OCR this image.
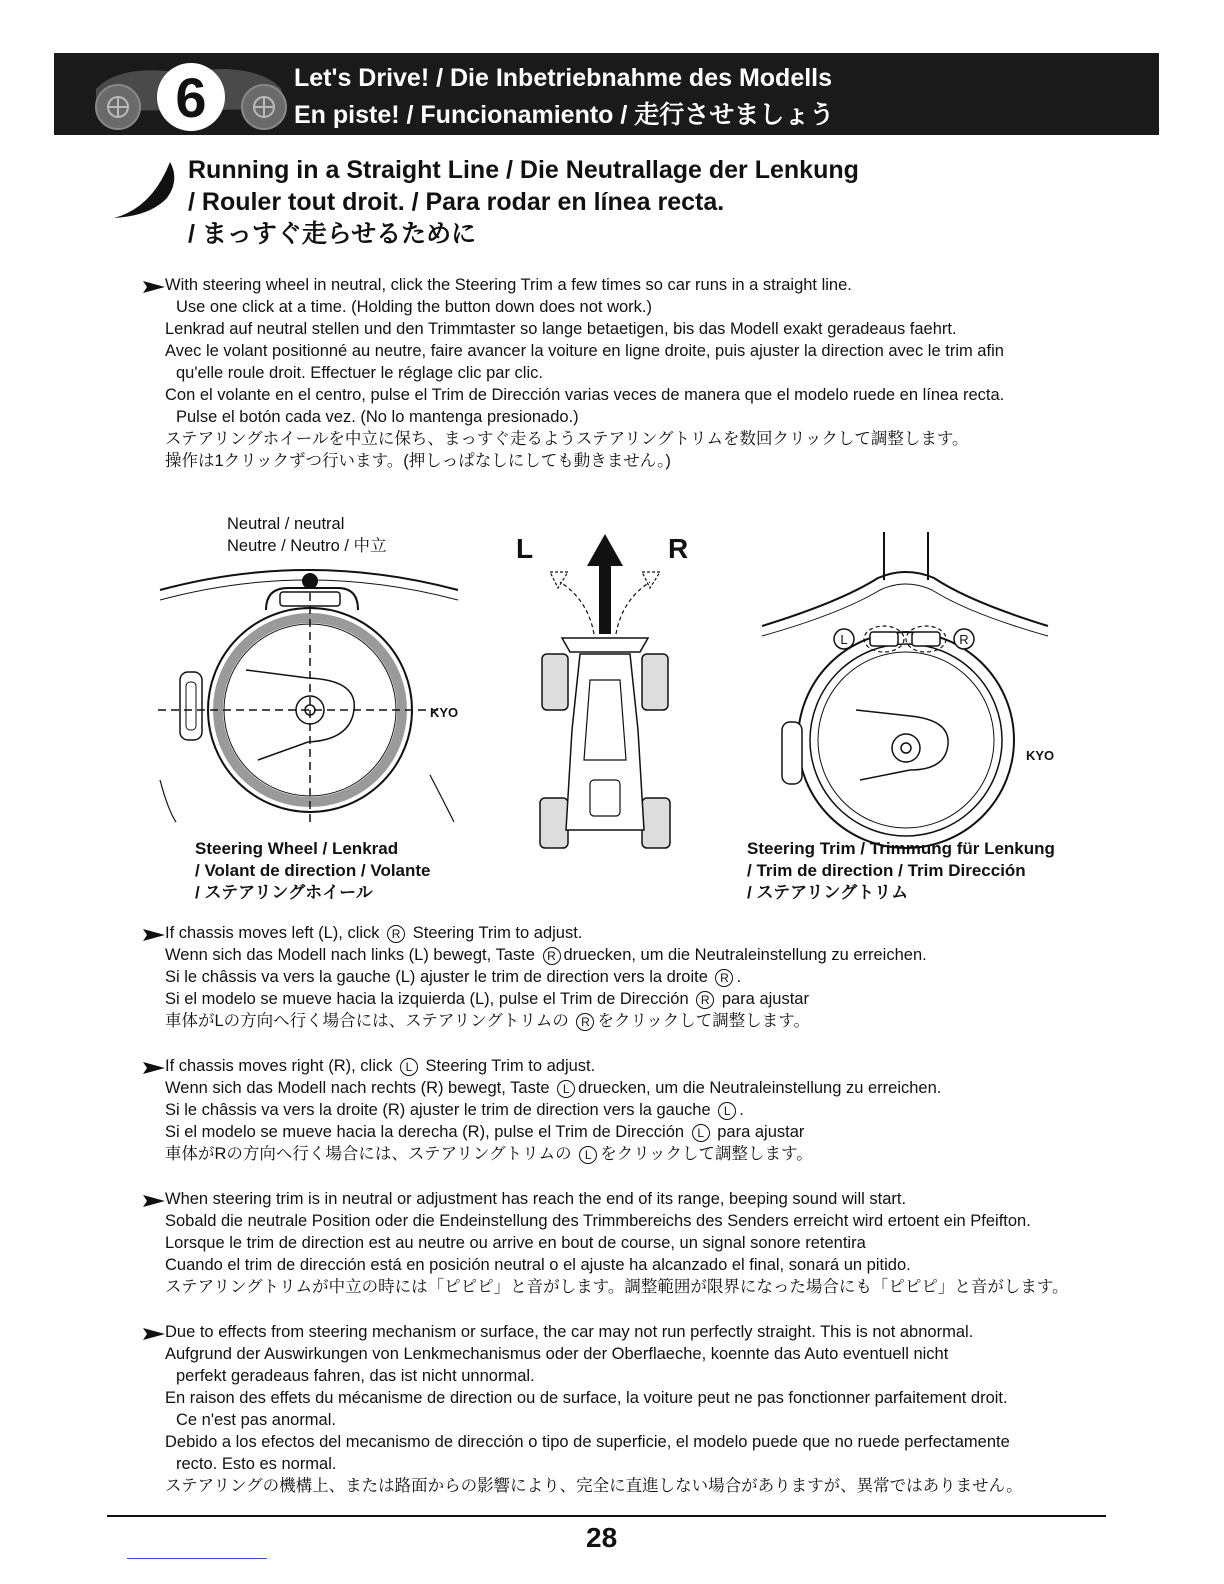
6	Let's Drive! / Die Inbetriebnahme des Modells
En piste! / Funcionamiento / 走行させましょう
Running in a Straight Line / Die Neutrallage der Lenkung
/ Rouler tout droit. / Para rodar en línea recta.
/ まっすぐ走らせるために
With steering wheel in neutral, click the Steering Trim a few times so car runs in a straight line.
Use one click at a time. (Holding the button down does not work.)
Lenkrad auf neutral stellen und den Trimmtaster so lange betaetigen, bis das Modell exakt geradeaus faehrt.
Avec le volant positionné au neutre, faire avancer la voiture en ligne droite, puis ajuster la direction avec le trim afin
qu'elle roule droit. Effectuer le réglage clic par clic.
Con el volante en el centro, pulse el Trim de Dirección varias veces de manera que el modelo ruede en línea recta.
Pulse el botón cada vez. (No lo mantenga presionado.)
ステアリングホイールを中立に保ち、まっすぐ走るようステアリングトリムを数回クリックして調整します。
操作は1クリックずつ行います。(押しっぱなしにしても動きません。)
Neutral / neutral
Neutre / Neutro / 中立
KYO
L	R
L	R
KYO
Steering Wheel / Lenkrad
/ Volant de direction / Volante
/ ステアリングホイール
Steering Trim / Trimmung für Lenkung
/ Trim de direction / Trim Dirección
/ ステアリングトリム
If chassis moves left (L), click R Steering Trim to adjust.
Wenn sich das Modell nach links (L) bewegt, Taste R druecken, um die Neutraleinstellung zu erreichen.
Si le châssis va vers la gauche (L) ajuster le trim de direction vers la droite R .
Si el modelo se mueve hacia la izquierda (L), pulse el Trim de Dirección R para ajustar
車体がLの方向へ行く場合には、ステアリングトリムの R をクリックして調整します。
If chassis moves right (R), click L Steering Trim to adjust.
Wenn sich das Modell nach rechts (R) bewegt, Taste L druecken, um die Neutraleinstellung zu erreichen.
Si le châssis va vers la droite (R) ajuster le trim de direction vers la gauche L .
Si el modelo se mueve hacia la derecha (R), pulse el Trim de Dirección L para ajustar
車体がRの方向へ行く場合には、ステアリングトリムの L をクリックして調整します。
When steering trim is in neutral or adjustment has reach the end of its range, beeping sound will start.
Sobald die neutrale Position oder die Endeinstellung des Trimmbereichs des Senders erreicht wird ertoent ein Pfeifton.
Lorsque le trim de direction est au neutre ou arrive en bout de course, un signal sonore retentira
Cuando el trim de dirección está en posición neutral o el ajuste ha alcanzado el final, sonará un pitido.
ステアリングトリムが中立の時には「ピピピ」と音がします。調整範囲が限界になった場合にも「ピピピ」と音がします。
Due to effects from steering mechanism or surface, the car may not run perfectly straight. This is not abnormal.
Aufgrund der Auswirkungen von Lenkmechanismus oder der Oberflaeche, koennte das Auto eventuell nicht
perfekt geradeaus fahren, das ist nicht unnormal.
En raison des effets du mécanisme de direction ou de surface, la voiture peut ne pas fonctionner parfaitement droit.
Ce n'est pas anormal.
Debido a los efectos del mecanismo de dirección o tipo de superficie, el modelo puede que no ruede perfectamente
recto. Esto es normal.
ステアリングの機構上、または路面からの影響により、完全に直進しない場合がありますが、異常ではありません。
28
